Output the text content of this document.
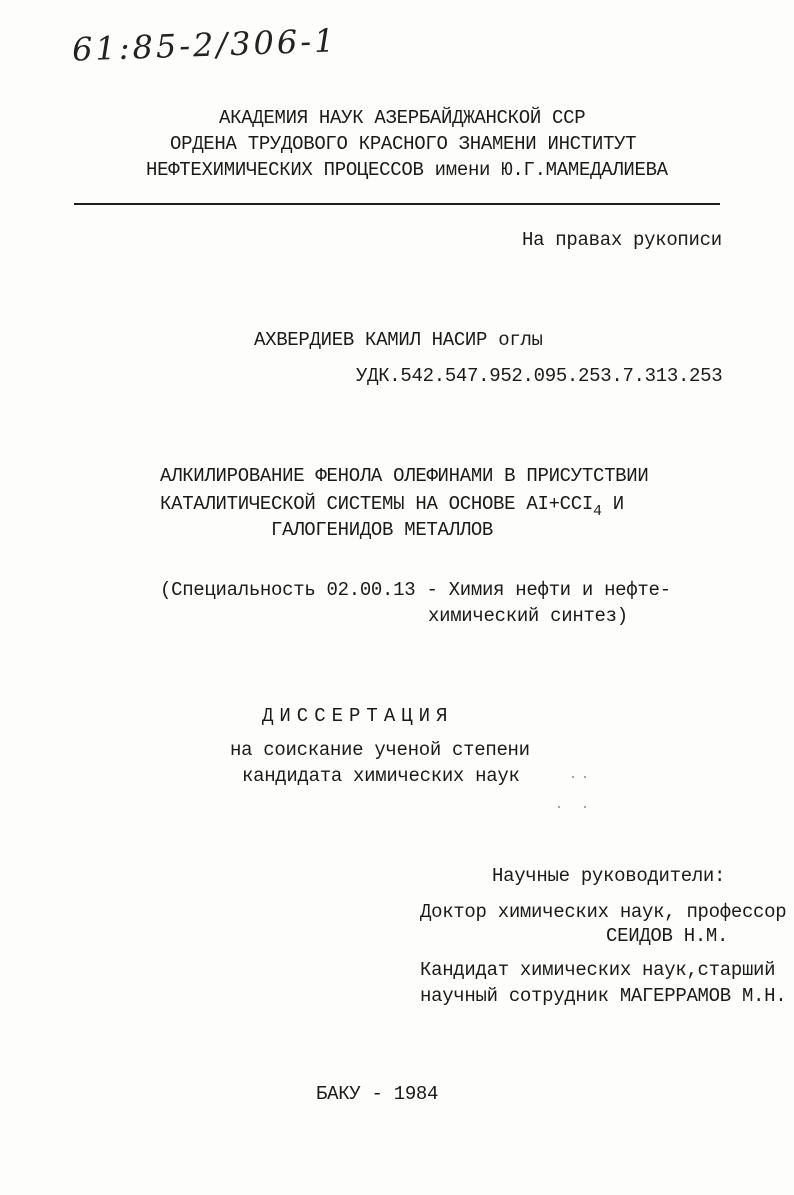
61:85-2/306-1
АКАДЕМИЯ НАУК АЗЕРБАЙДЖАНСКОЙ ССР
ОРДЕНА ТРУДОВОГО КРАСНОГО ЗНАМЕНИ ИНСТИТУТ
НЕФТЕХИМИЧЕСКИХ ПРОЦЕССОВ имени Ю.Г.МАМЕДАЛИЕВА
На правах рукописи
АХВЕРДИЕВ КАМИЛ НАСИР оглы
УДК.542.547.952.095.253.7.313.253
АЛКИЛИРОВАНИЕ ФЕНОЛА ОЛЕФИНАМИ В ПРИСУТСТВИИ
КАТАЛИТИЧЕСКОЙ СИСТЕМЫ НА ОСНОВЕ $AI+CCI_4$ И
ГАЛОГЕНИДОВ МЕТАЛЛОВ
(Специальность 02.00.13 - Химия нефти и нефте-
химический синтез)
ДИССЕРТАЦИЯ
на соискание ученой степени
кандидата химических наук
Научные руководители:
Доктор химических наук, профессор
СЕИДОВ Н.М.
Кандидат химических наук,старший
научный сотрудник МАГЕРРАМОВ М.Н.
БАКУ - 1984
